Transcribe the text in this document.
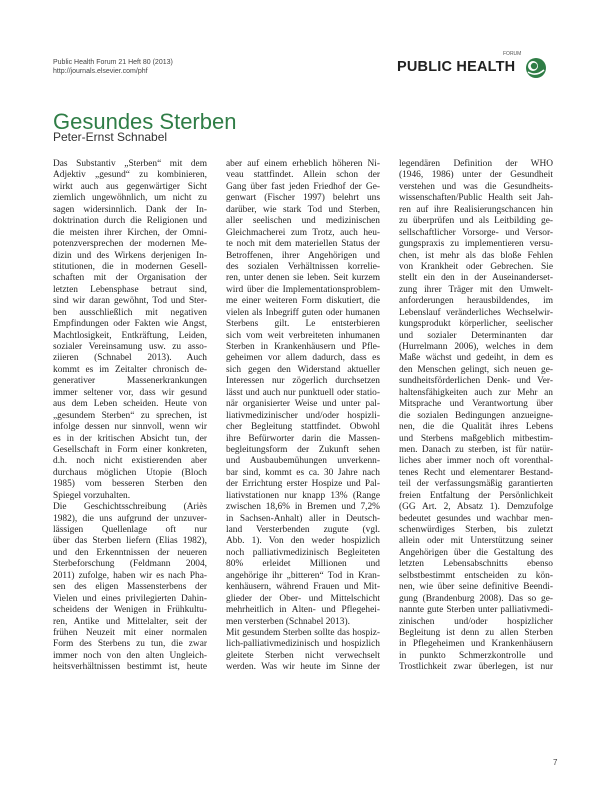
Public Health Forum 21 Heft 80 (2013)
http://journals.elsevier.com/phf	PUBLIC HEALTH
FORUM
Gesundes Sterben
Peter-Ernst Schnabel
Das Substantiv „Sterben“ mit dem
Adjektiv „gesund“ zu kombinieren,
wirkt auch aus gegenwärtiger Sicht
ziemlich ungewöhnlich, um nicht zu
sagen widersinnlich. Dank der In-
doktrination durch die Religionen und
die meisten ihrer Kirchen, der Omni-
potenzversprechen der modernen Me-
dizin und des Wirkens derjenigen In-
stitutionen, die in modernen Gesell-
schaften mit der Organisation der
letzten Lebensphase betraut sind,
sind wir daran gewöhnt, Tod und Ster-
ben ausschließlich mit negativen
Empfindungen oder Fakten wie Angst,
Machtlosigkeit, Entkräftung, Leiden,
sozialer Vereinsamung usw. zu asso-
ziieren (Schnabel 2013). Auch
kommt es im Zeitalter chronisch de-
generativer Massenerkrankungen
immer seltener vor, dass wir gesund
aus dem Leben scheiden. Heute von
„gesundem Sterben“ zu sprechen, ist
infolge dessen nur sinnvoll, wenn wir
es in der kritischen Absicht tun, der
Gesellschaft in Form einer konkreten,
d.h. noch nicht existierenden aber
durchaus möglichen Utopie (Bloch
1985) vom besseren Sterben den
Spiegel vorzuhalten.
Die Geschichtsschreibung (Ariès
1982), die uns aufgrund der unzuver-
lässigen Quellenlage oft nur
über das Sterben liefern (Elias 1982),
und den Erkenntnissen der neueren
Sterbeforschung (Feldmann 2004,
2011) zufolge, haben wir es nach Pha-
sen des eligen Massensterbens der
Vielen und eines privilegierten Dahin-
scheidens der Wenigen in Frühkultu-
ren, Antike und Mittelalter, seit der
frühen Neuzeit mit einer normalen
Form des Sterbens zu tun, die zwar
immer noch von den alten Ungleich-
heitsverhältnissen bestimmt ist, heute
aber auf einem erheblich höheren Ni-
veau stattfindet. Allein schon der
Gang über fast jeden Friedhof der Ge-
genwart (Fischer 1997) belehrt uns
darüber, wie stark Tod und Sterben,
aller seelischen und medizinischen
Gleichmacherei zum Trotz, auch heu-
te noch mit dem materiellen Status der
Betroffenen, ihrer Angehörigen und
des sozialen Verhältnissen korrelie-
ren, unter denen sie leben. Seit kurzem
wird über die Implementationsproblem-
me einer weiteren Form diskutiert, die
vielen als Inbegriff guten oder humanen
Sterbens gilt. Le entsterbieren
sich vom weit verbreiteten inhumanen
Sterben in Krankenhäusern und Pfle-
geheimen vor allem dadurch, dass es
sich gegen den Widerstand aktueller
Interessen nur zögerlich durchsetzen
lässt und auch nur punktuell oder statio-
när organisierter Weise und unter pal-
liativmedizinischer und/oder hospizli-
cher Begleitung stattfindet. Obwohl
ihre Befürworter darin die Massen-
begleitungsform der Zukunft sehen
und Ausbaubemühungen unverkenn-
bar sind, kommt es ca. 30 Jahre nach
der Errichtung erster Hospize und Pal-
liativstationen nur knapp 13% (Range
zwischen 18,6% in Bremen und 7,2%
in Sachsen-Anhalt) aller in Deutsch-
land Versterbenden zugute (vgl.
Abb. 1). Von den weder hospizlich
noch palliativmedizinisch Begleiteten
80% erleidet Millionen und
angehörige ihr „bitteren“ Tod in Kran-
kenhäusern, während Frauen und Mit-
glieder der Ober- und Mittelschicht
mehrheitlich in Alten- und Pflegehei-
men versterben (Schnabel 2013).
Mit gesundem Sterben sollte das hospiz-
lich-palliativmedizinisch und hospizlich
gleitete Sterben nicht verwechselt
werden. Was wir heute im Sinne der
legendären Definition der WHO
(1946, 1986) unter der Gesundheit
verstehen und was die Gesundheits-
wissenschaften/Public Health seit Jah-
ren auf ihre Realisierungschancen hin
zu überprüfen und als Leitbilding ge-
sellschaftlicher Vorsorge- und Versor-
gungspraxis zu implementieren versu-
chen, ist mehr als das bloße Fehlen
von Krankheit oder Gebrechen. Sie
stellt ein den in der Auseinanderset-
zung ihrer Träger mit den Umwelt-
anforderungen herausbildendes, im
Lebenslauf veränderliches Wechselwir-
kungsprodukt körperlicher, seelischer
und sozialer Determinanten dar
(Hurrelmann 2006), welches in dem
Maße wächst und gedeiht, in dem es
den Menschen gelingt, sich neuen ge-
sundheitsförderlichen Denk- und Ver-
haltensfähigkeiten auch zur Mehr an
Mitsprache und Verantwortung über
die sozialen Bedingungen anzueigne-
nen, die die Qualität ihres Lebens
und Sterbens maßgeblich mitbestim-
men. Danach zu sterben, ist für natür-
liches aber immer noch oft vorenthal-
tenes Recht und elementarer Bestand-
teil der verfassungsmäßig garantierten
freien Entfaltung der Persönlichkeit
(GG Art. 2, Absatz 1). Demzufolge
bedeutet gesundes und wachbar men-
schenwürdiges Sterben, bis zuletzt
allein oder mit Unterstützung seiner
Angehörigen über die Gestaltung des
letzten Lebensabschnitts ebenso
selbstbestimmt entscheiden zu kön-
nen, wie über seine definitive Beendi-
gung (Brandenburg 2008). Das so ge-
nannte gute Sterben unter palliativmedi-
zinischen und/oder hospizlicher
Begleitung ist denn zu allen Sterben
in Pflegeheimen und Krankenhäusern
in punkto Schmerzkontrolle und
Trostlichkeit zwar überlegen, ist nur
7
